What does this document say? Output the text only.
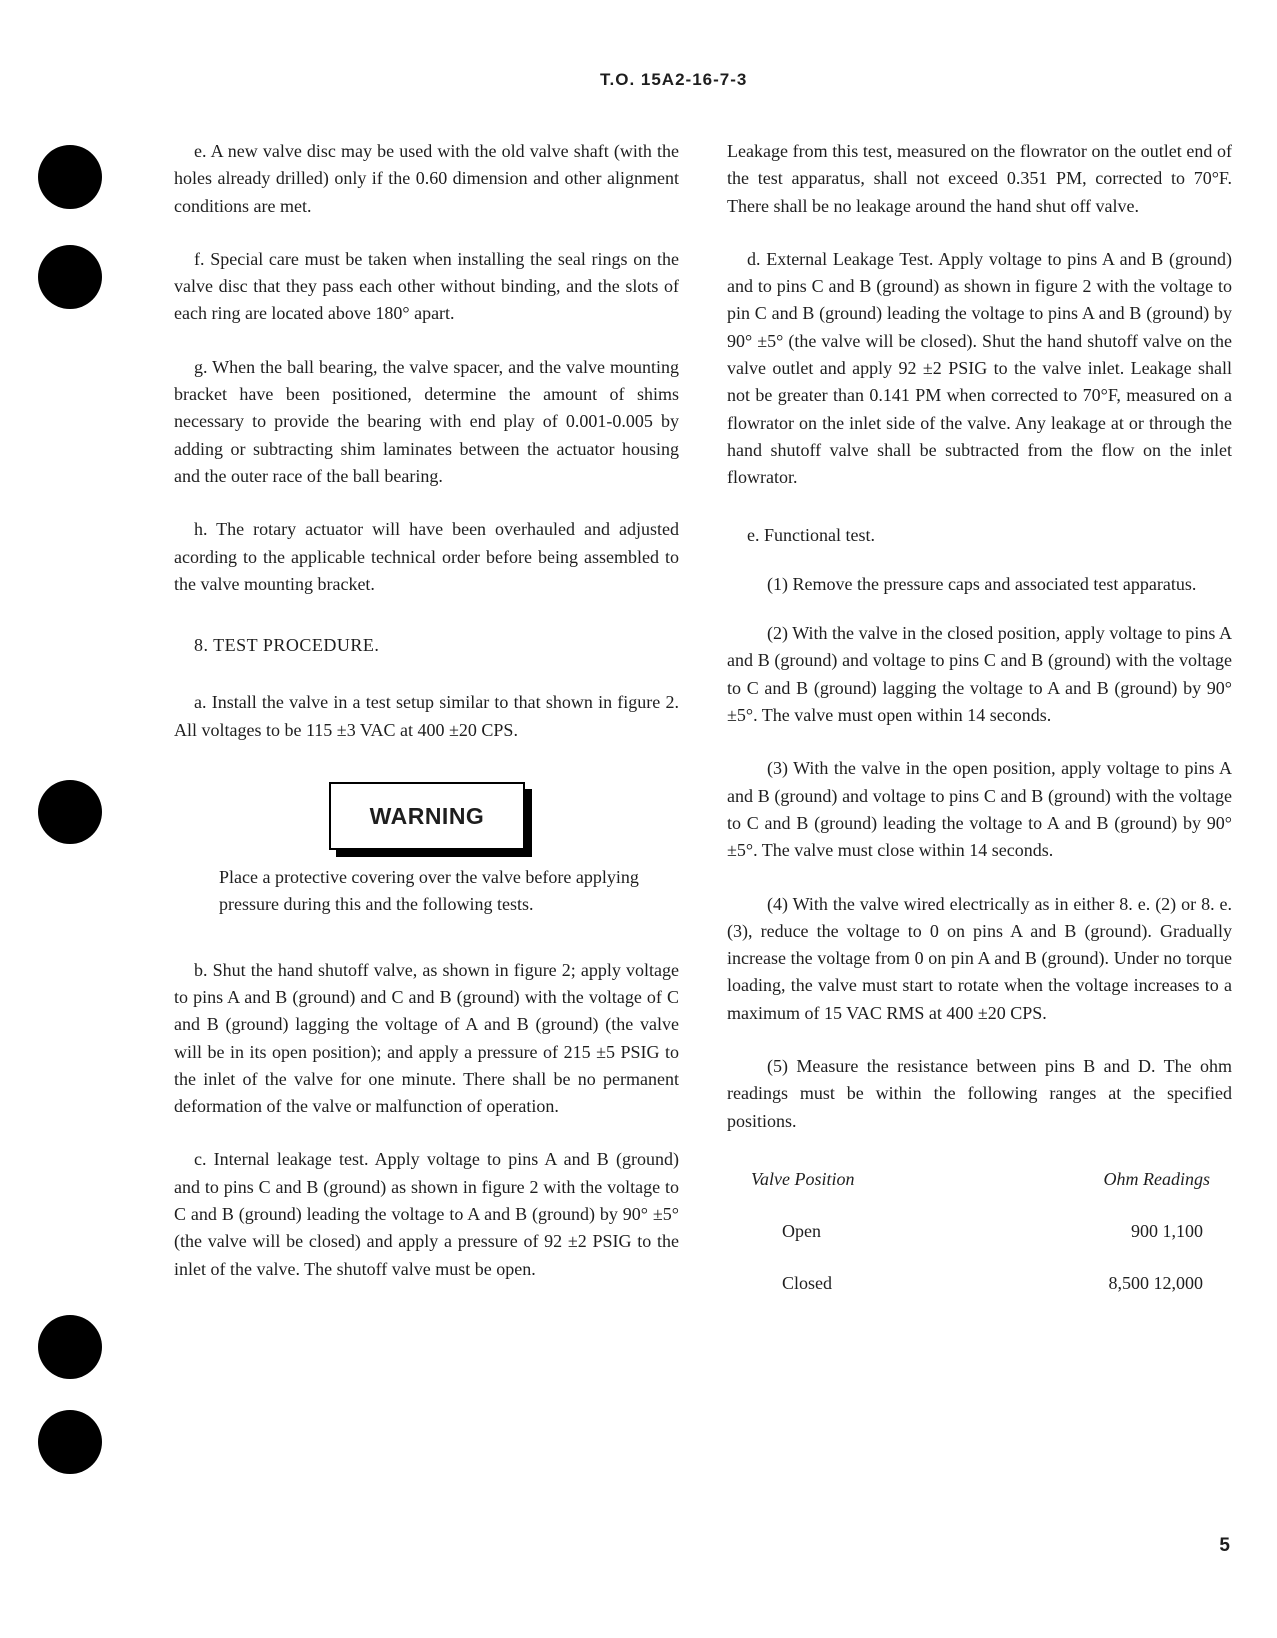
T.O. 15A2-16-7-3

e. A new valve disc may be used with the old valve shaft (with the holes already drilled) only if the 0.60 dimension and other alignment conditions are met.

f. Special care must be taken when installing the seal rings on the valve disc that they pass each other without binding, and the slots of each ring are located above 180° apart.

g. When the ball bearing, the valve spacer, and the valve mounting bracket have been positioned, determine the amount of shims necessary to provide the bearing with end play of 0.001-0.005 by adding or subtracting shim laminates between the actuator housing and the outer race of the ball bearing.

h. The rotary actuator will have been overhauled and adjusted acording to the applicable technical order before being assembled to the valve mounting bracket.

8. TEST PROCEDURE.

a. Install the valve in a test setup similar to that shown in figure 2. All voltages to be 115 ±3 VAC at 400 ±20 CPS.

WARNING

Place a protective covering over the valve before applying pressure during this and the following tests.

b. Shut the hand shutoff valve, as shown in figure 2; apply voltage to pins A and B (ground) and C and B (ground) with the voltage of C and B (ground) lagging the voltage of A and B (ground) (the valve will be in its open position); and apply a pressure of 215 ±5 PSIG to the inlet of the valve for one minute. There shall be no permanent deformation of the valve or malfunction of operation.

c. Internal leakage test. Apply voltage to pins A and B (ground) and to pins C and B (ground) as shown in figure 2 with the voltage to C and B (ground) leading the voltage to A and B (ground) by 90° ±5° (the valve will be closed) and apply a pressure of 92 ±2 PSIG to the inlet of the valve. The shutoff valve must be open.

Leakage from this test, measured on the flowrator on the outlet end of the test apparatus, shall not exceed 0.351 PM, corrected to 70°F. There shall be no leakage around the hand shut off valve.

d. External Leakage Test. Apply voltage to pins A and B (ground) and to pins C and B (ground) as shown in figure 2 with the voltage to pin C and B (ground) leading the voltage to pins A and B (ground) by 90° ±5° (the valve will be closed). Shut the hand shutoff valve on the valve outlet and apply 92 ±2 PSIG to the valve inlet. Leakage shall not be greater than 0.141 PM when corrected to 70°F, measured on a flowrator on the inlet side of the valve. Any leakage at or through the hand shutoff valve shall be subtracted from the flow on the inlet flowrator.

e. Functional test.

(1) Remove the pressure caps and associated test apparatus.

(2) With the valve in the closed position, apply voltage to pins A and B (ground) and voltage to pins C and B (ground) with the voltage to C and B (ground) lagging the voltage to A and B (ground) by 90° ±5°. The valve must open within 14 seconds.

(3) With the valve in the open position, apply voltage to pins A and B (ground) and voltage to pins C and B (ground) with the voltage to C and B (ground) leading the voltage to A and B (ground) by 90° ±5°. The valve must close within 14 seconds.

(4) With the valve wired electrically as in either 8. e. (2) or 8. e. (3), reduce the voltage to 0 on pins A and B (ground). Gradually increase the voltage from 0 on pin A and B (ground). Under no torque loading, the valve must start to rotate when the voltage increases to a maximum of 15 VAC RMS at 400 ±20 CPS.

(5) Measure the resistance between pins B and D. The ohm readings must be within the following ranges at the specified positions.

Valve Position	Ohm Readings
Open	900 1,100
Closed	8,500 12,000
5
